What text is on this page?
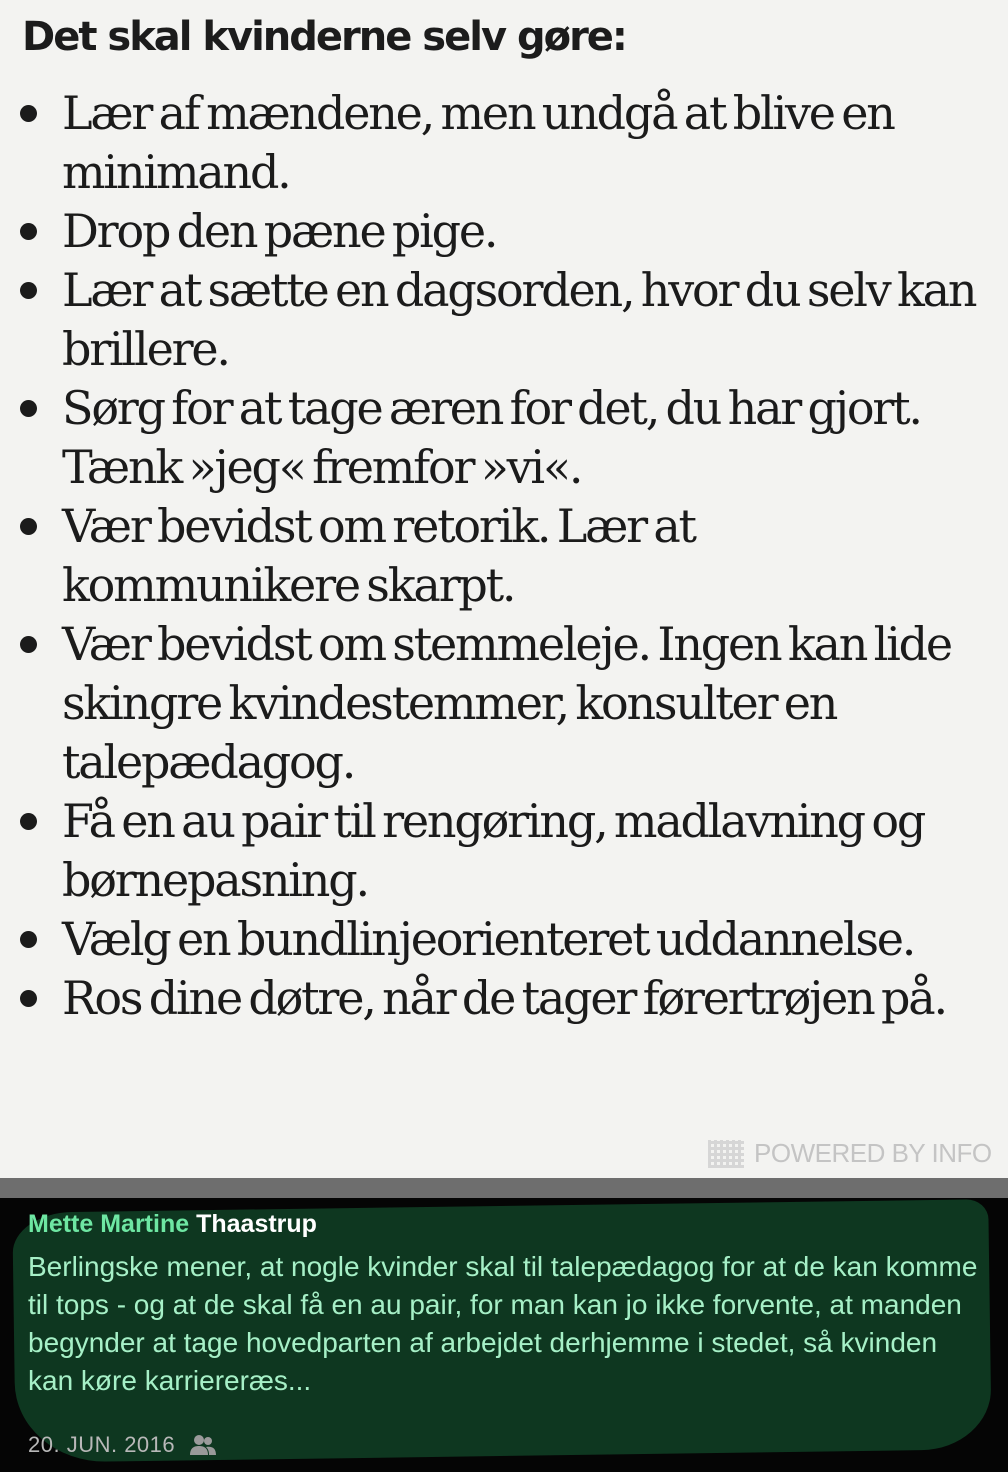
Det skal kvinderne selv gøre:
Lær af mændene, men undgå at blive en minimand.
Drop den pæne pige.
Lær at sætte en dagsorden, hvor du selv kan brillere.
Sørg for at tage æren for det, du har gjort. Tænk »jeg« fremfor »vi«.
Vær bevidst om retorik. Lær at kommunikere skarpt.
Vær bevidst om stemmeleje. Ingen kan lide skingre kvindestemmer, konsulter en talepædagog.
Få en au pair til rengøring, madlavning og børnepasning.
Vælg en bundlinjeorienteret uddannelse.
Ros dine døtre, når de tager førertrøjen på.
POWERED BY INFO
Mette Martine Thaastrup

Berlingske mener, at nogle kvinder skal til talepædagog for at de kan komme til tops - og at de skal få en au pair, for man kan jo ikke forvente, at manden begynder at tage hovedparten af arbejdet derhjemme i stedet, så kvinden kan køre karriereræs...

20. JUN. 2016
